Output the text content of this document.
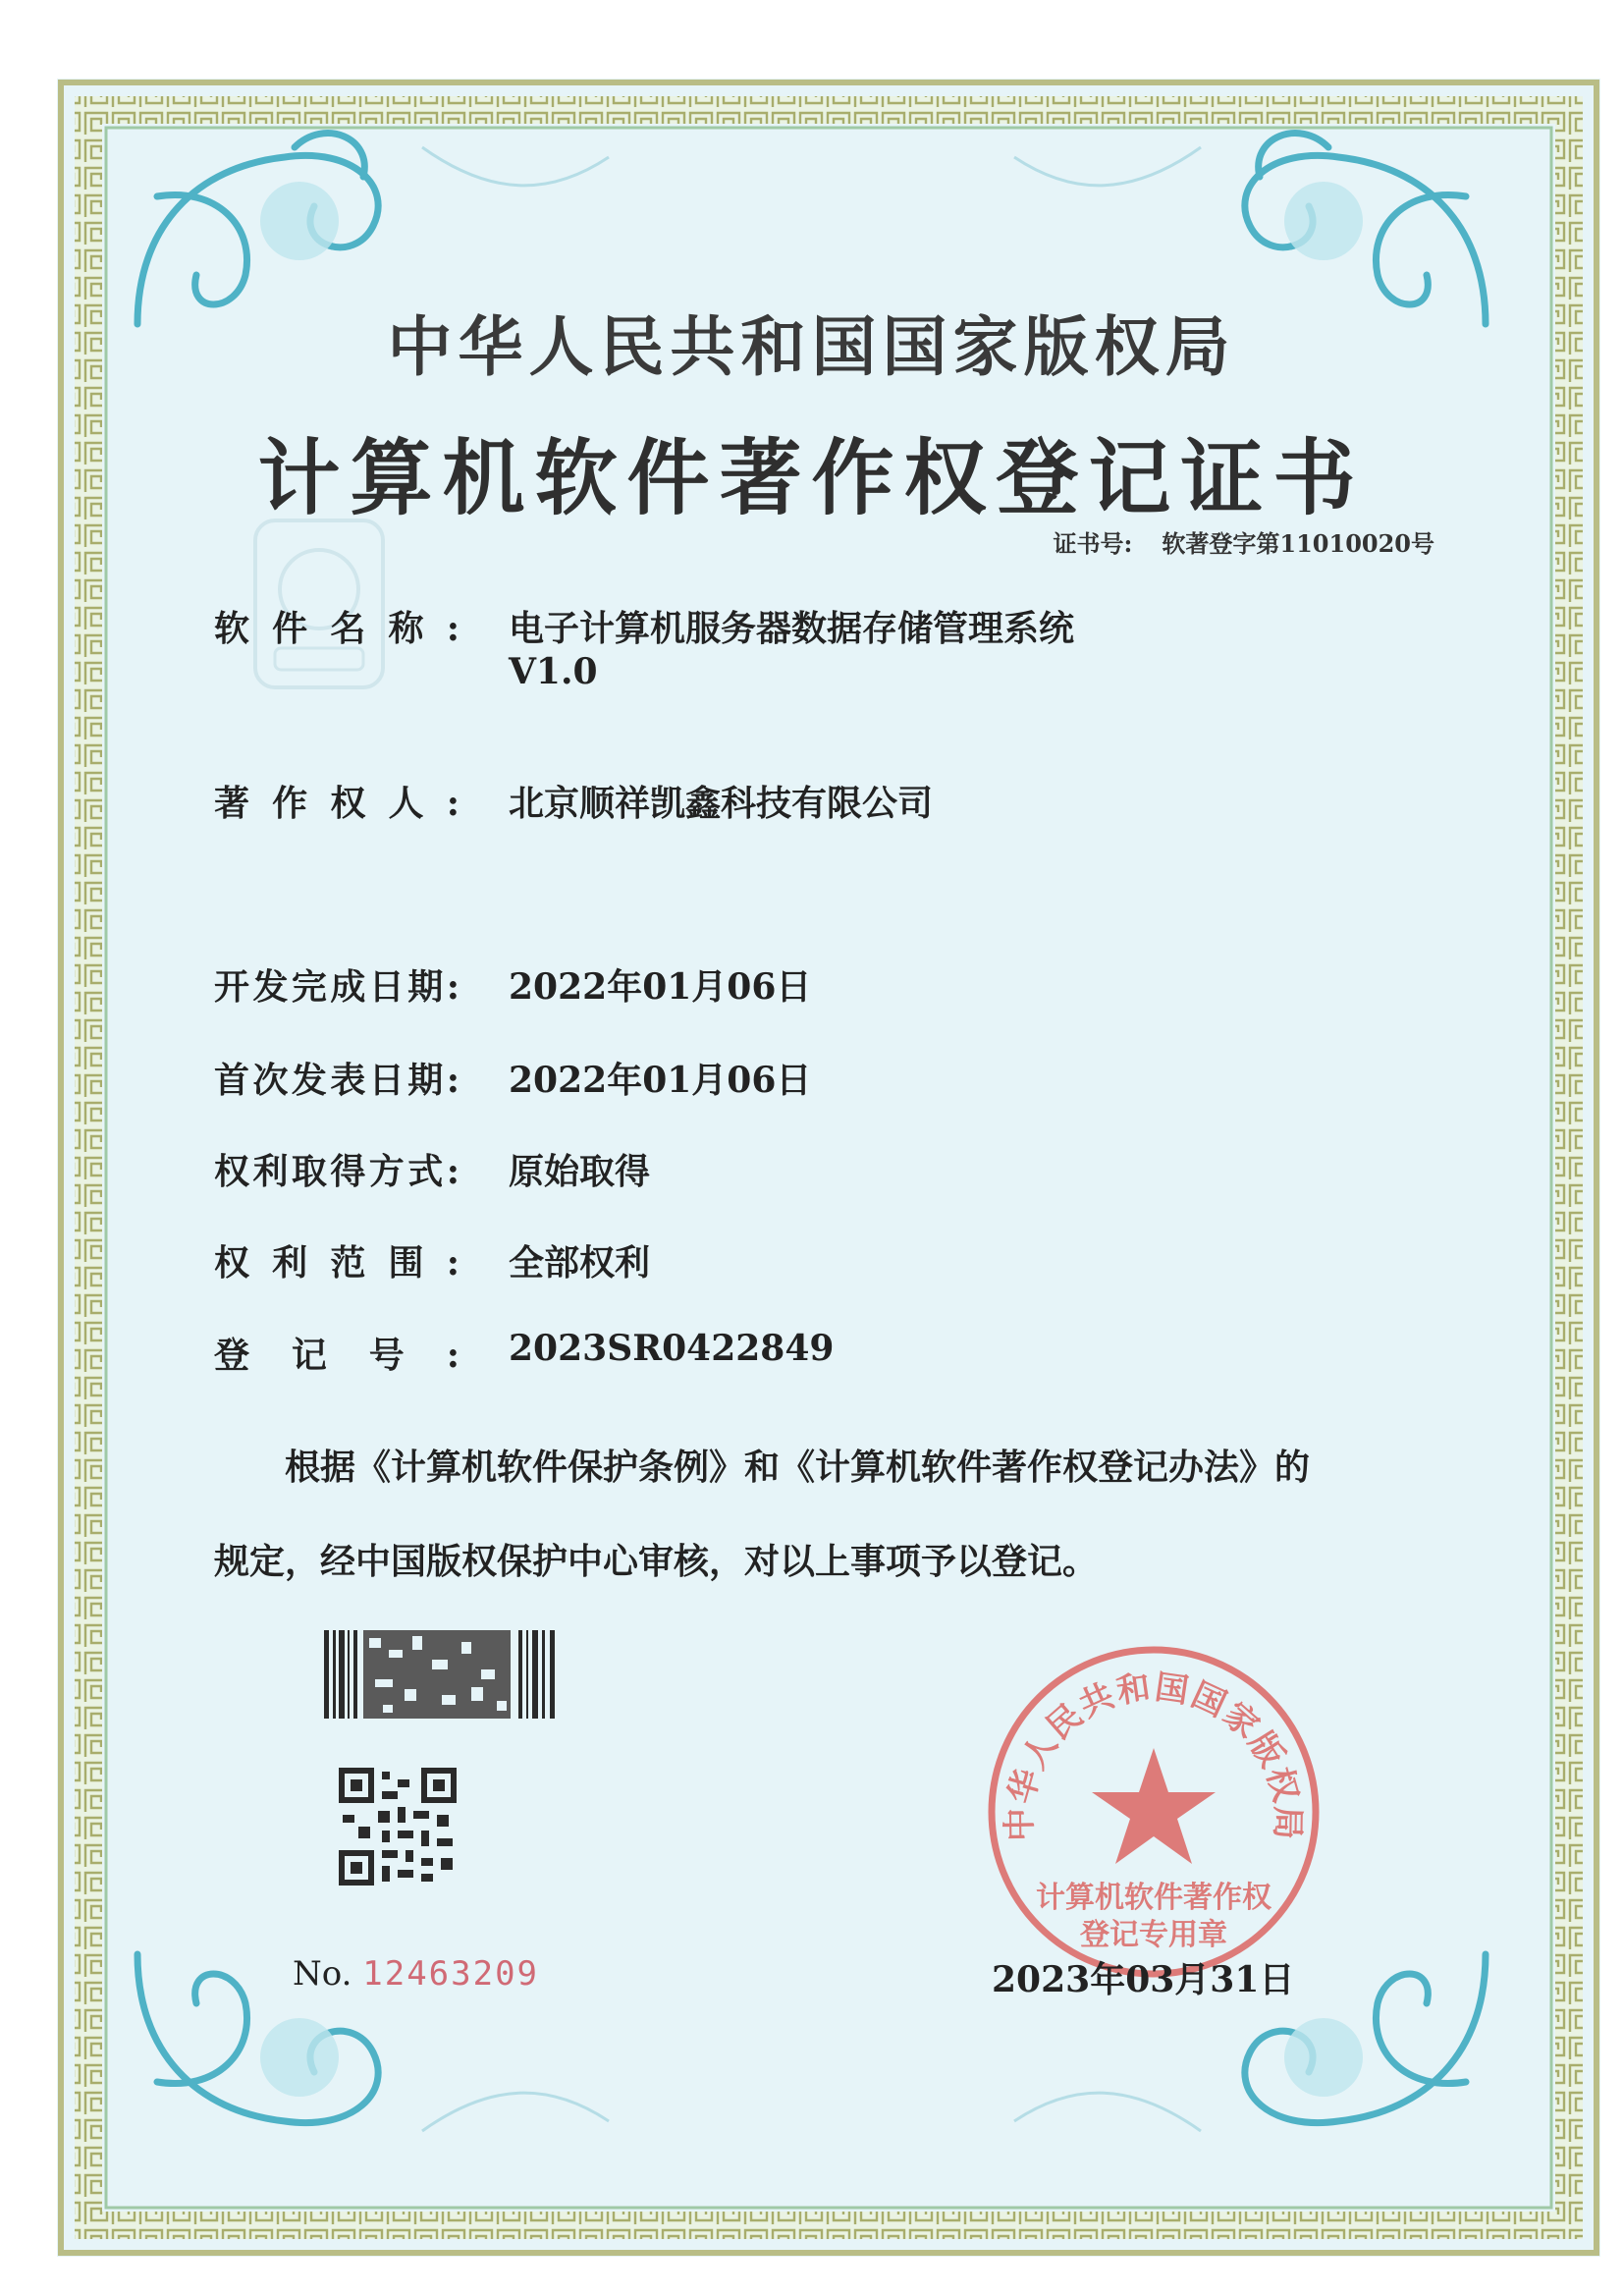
中华人民共和国国家版权局
计算机软件著作权登记证书
证书号: 软著登字第11010020号
软件名称: 电子计算机服务器数据存储管理系统
V1.0
著作权人: 北京顺祥凯鑫科技有限公司
开发完成日期: 2022年01月06日
首次发表日期: 2022年01月06日
权利取得方式: 原始取得
权利范围: 全部权利
登记号: 2023SR0422849
根据《计算机软件保护条例》和《计算机软件著作权登记办法》的
规定，经中国版权保护中心审核，对以上事项予以登记。
中华人民共和国国家版权局
计算机软件著作权
登记专用章
No. 12463209	2023年03月31日
